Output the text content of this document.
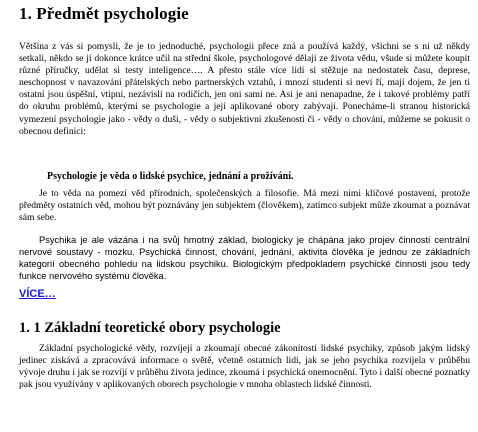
1. Předmět psychologie

Většina z vás si pomysli, že je to jednoduché, psychologii přece zná a používá každý, všichni se s ní už někdy setkali, někdo se jí dokonce krátce učil na střední škole, psychologové dělají ze života vědu, všude si můžete koupit různé příručky, udělat si testy inteligence…. A přesto stále více lidí si stěžuje na nedostatek času, deprese, neschopnost v navazování přátelských nebo partnerských vztahů, i mnozí studenti si neví ří, mají dojem, že jen ti ostatní jsou úspěšní, vtipní, nezávislí na rodičích, jen oni sami ne. Asi je ani nenapadne, že i takové problémy patří do okruhu problémů, kterými se psychologie a její aplikované obory zabývají. Ponecháme-li stranou historická vymezení psychologie jako - vědy o duši, - vědy o subjektivní zkušenosti či - vědy o chování, můžeme se pokusit o obecnou definici:

Psychologie je věda o lidské psychice, jednání a prožívání.

Je to věda na pomezí věd přírodních, společenských a filosofie. Má mezi nimi klíčové postavení, protože předměty ostatních věd, mohou být poznávány jen subjektem (člověkem), zatímco subjekt může zkoumat a poznávat sám sebe.

Psychika je ale vázána i na svůj hmotný základ, biologicky je chápána jako projev činnosti centrální nervové soustavy - mozku. Psychická činnost, chování, jednání, aktivita člověka je jednou ze základních kategorií obecného pohledu na lidskou psychiku. Biologickým předpokladem psychické činnosti jsou tedy funkce nervového systému člověka.

VÍCE…
1. 1 Základní teoretické obory psychologie

Základní psychologické vědy, rozvíjejí a zkoumají obecné zákonitosti lidské psychiky, způsob jakým lidský jedinec získává a zpracovává informace o světě, včetně ostatních lidí, jak se jeho psychika rozvíjela v průběhu vývoje druhu i jak se rozvíjí v průběhu života jedince, zkoumá i psychická onemocnění. Tyto i další obecné poznatky pak jsou využívány v aplikovaných oborech psychologie v mnoha oblastech lidské činnosti.
